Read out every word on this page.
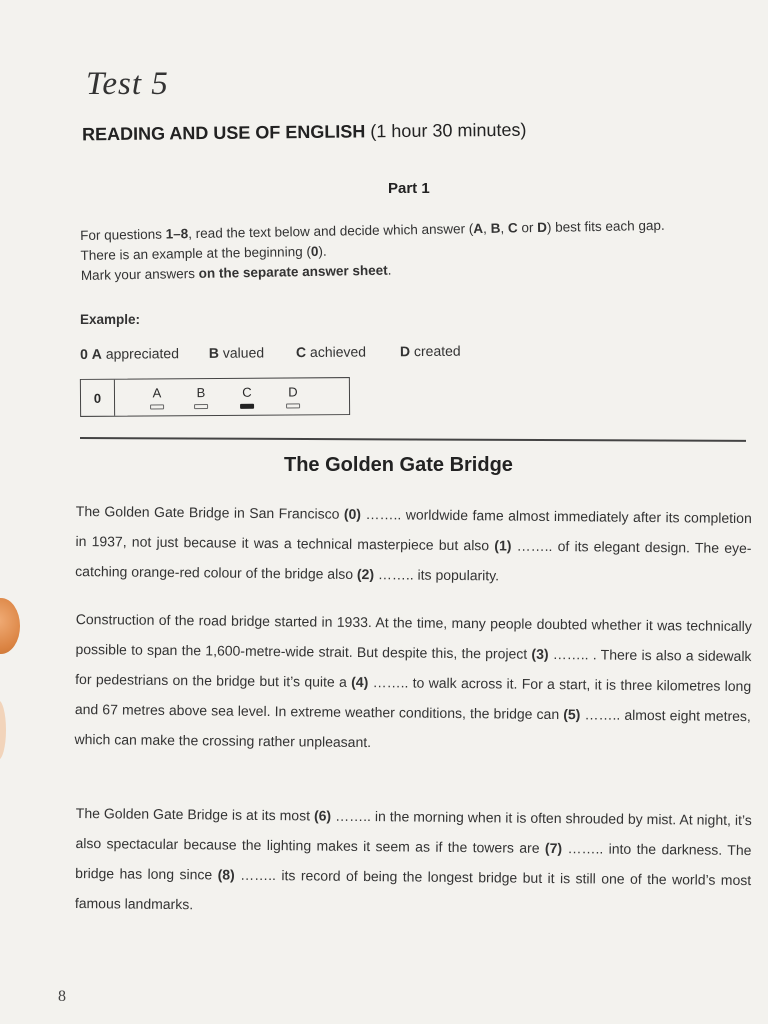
Test 5
READING AND USE OF ENGLISH (1 hour 30 minutes)
Part 1
For questions 1–8, read the text below and decide which answer (A, B, C or D) best fits each gap.
There is an example at the beginning (0).
Mark your answers on the separate answer sheet.
Example:
0 A appreciated B valued C achieved D created
0	A	B	C	D
The Golden Gate Bridge
The Golden Gate Bridge in San Francisco (0) …….. worldwide fame almost immediately after its completion in 1937, not just because it was a technical masterpiece but also (1) …….. of its elegant design. The eye-catching orange-red colour of the bridge also (2) …….. its popularity.
Construction of the road bridge started in 1933. At the time, many people doubted whether it was technically possible to span the 1,600-metre-wide strait. But despite this, the project (3) …….. . There is also a sidewalk for pedestrians on the bridge but it’s quite a (4) …….. to walk across it. For a start, it is three kilometres long and 67 metres above sea level. In extreme weather conditions, the bridge can (5) …….. almost eight metres, which can make the crossing rather unpleasant.
The Golden Gate Bridge is at its most (6) …….. in the morning when it is often shrouded by mist. At night, it’s also spectacular because the lighting makes it seem as if the towers are (7) …….. into the darkness. The bridge has long since (8) …….. its record of being the longest bridge but it is still one of the world’s most famous landmarks.
8
